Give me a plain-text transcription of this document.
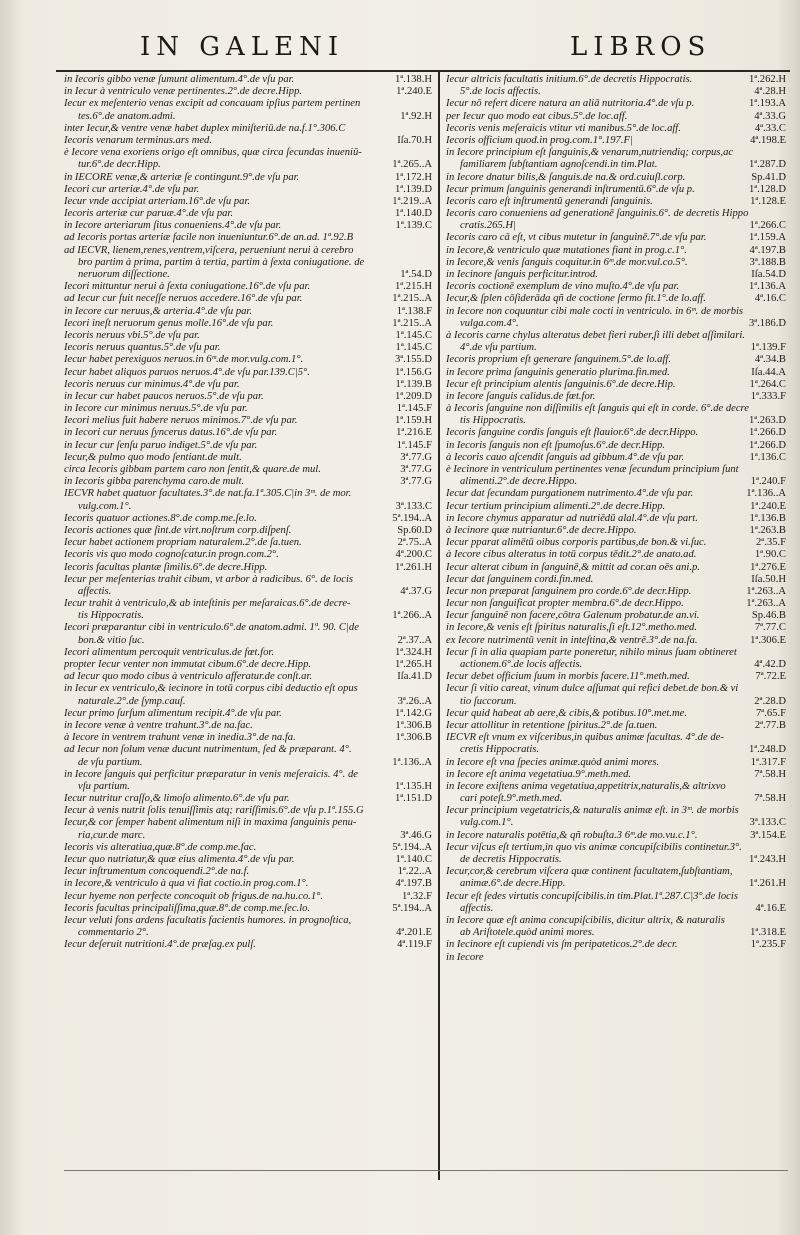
IN GALENI	LIBROS
1ª.138.H
in Iecoris gibbo venæ ſumunt alimentum.4°.de vſu par.
1ª.240.E
in Iecur à ventriculo venæ pertinentes.2°.de decre.Hipp.
Iecur ex meſenterio venas excipit ad concauam ipſius partem pertinen
1ª.92.H
tes.6°.de anatom.admi.
inter Iecur,& ventre venæ habet duplex miniſteriū.de na.f.1°.306.C
Iſa.70.H
Iecoris venarum terminus.ars med.
è Iecore vena exoriens origo eſt omnibus, quæ circa ſecundas inueniū-
1ª.265..A
tur.6°.de decr.Hipp.
1ª.172.H
in IECORE venæ,& arteriæ ſe contingunt.9°.de vſu par.
1ª.139.D
Iecori cur arteriæ.4°.de vſu par.
1ª.219..A
Iecur vnde accipiat arteriam.16°.de vſu par.
1ª.140.D
Iecoris arteriæ cur paruæ.4°.de vſu par.
1ª.139.C
in Iecore arteriarum ſitus conueniens.4°.de vſu par.
ad Iecoris portas arteriæ facile non inueniuntur.6°.de an.ad. 1ª.92.B
ad IECVR, lienem,renes,ventrem,viſcera, perueniunt nerui à cerebro
bro partim à prima, partim à tertia, partim à ſexta coniugatione. de
1ª.54.D
neruorum diſſectione.
1ª.215.H
Iecori mittuntur nerui à ſexta coniugatione.16°.de vſu par.
1ª.215..A
ad Iecur cur fuit neceſſe neruos accedere.16°.de vſu par.
1ª.138.F
in Iecore cur neruus,& arteria.4°.de vſu par.
1ª.215..A
Iecori ineſt neruorum genus molle.16°.de vſu par.
1ª.145.C
Iecoris neruus vbi.5°.de vſu par.
1ª.145.C
Iecoris neruus quantus.5°.de vſu par.
3ª.155.D
Iecur habet perexiguos neruos.in 6ᵐ.de mor.vulg.com.1°.
1ª.156.G
Iecur habet aliquos paruos neruos.4°.de vſu par.139.C|5°.
1ª.139.B
Iecoris neruus cur minimus.4°.de vſu par.
1ª.209.D
in Iecur cur habet paucos neruos.5°.de vſu par.
1ª.145.F
in Iecore cur minimus neruus.5°.de vſu par.
1ª.159.H
Iecori melius fuit habere neruos minimos.7°.de vſu par.
1ª.216.E
in Iecori cur neruus ſyncerus datus.16°.de vſu par.
1ª.145.F
in Iecur cur ſenſu paruo indiget.5°.de vſu par.
3ª.77.G
Iecur,& pulmo quo modo ſentiant.de mult.
3ª.77.G
circa Iecoris gibbam partem caro non ſentit,& quare.de mul.
3ª.77.G
in Iecoris gibba parenchyma caro.de mult.
IECVR habet quatuor facultates.3°.de nat.fa.1ª.305.C|in 3ᵐ. de mor.
3ª.133.C
vulg.com.1°.
5ª.194..A
Iecoris quatuor actiones.8°.de comp.me.ſe.lo.
Sp.60.D
Iecoris actiones quæ ſint.de virt.noſtrum corp.diſpenſ.
2ª.75..A
Iecur habet actionem propriam naturalem.2°.de ſa.tuen.
4ª.200.C
Iecoris vis quo modo cognoſcatur.in progn.com.2°.
1ª.261.H
Iecoris facultas plantæ ſimilis.6°.de decre.Hipp.
Iecur per meſenterias trahit cibum, vt arbor à radicibus. 6°. de locis
4ª.37.G
affectis.
Iecur trahit à ventriculo,& ab inteſtinis per meſaraicas.6°.de decre-
1ª.266..A
tis Hippocratis.
Iecori præparantur cibi in ventriculo.6°.de anatom.admi. 1ª. 90. C|de
2ª.37..A
bon.& vitio ſuc.
1ª.324.H
Iecori alimentum percoquit ventriculus.de fœt.for.
1ª.265.H
propter Iecur venter non immutat cibum.6°.de decre.Hipp.
Iſa.41.D
ad Iecur quo modo cibus à ventriculo afferatur.de conſt.ar.
in Iecur ex ventriculo,& iecinore in totū corpus cibi deductio eſt opus
3ª.26..A
naturale.2°.de ſymp.cauſ.
1ª.142.G
Iecur primo ſurſum alimentum recipit.4°.de vſu par.
1ª.306.B
in Iecore venæ à ventre trahunt.3°.de na.fac.
1ª.306.B
à Iecore in ventrem trahunt venæ in inedia.3°.de na.fa.
ad Iecur non ſolum venæ ducunt nutrimentum, ſed & præparant. 4°.
1ª.136..A
de vſu partium.
in Iecore ſanguis qui perficitur præparatur in venis meſeraicis. 4°. de
1ª.135.H
vſu partium.
1ª.151.D
Iecur nutritur craſſo,& limoſo alimento.6°.de vſu par.
Iecur à venis nutrit ſolis tenuiſſimis atq; rariſſimis.6°.de vſu p.1ª.155.G
Iecur,& cor ſemper habent alimentum niſi in maxima ſanguinis penu-
3ª.46.G
ria,cur.de marc.
5ª.194..A
Iecoris vis alteratiua,quæ.8°.de comp.me.fac.
1ª.140.C
Iecur quo nutriatur,& quæ eius alimenta.4°.de vſu par.
1ª.22..A
Iecur inſtrumentum concoquendi.2°.de na.f.
4ª.197.B
in Iecore,& ventriculo à qua vi fiat coctio.in prog.com.1°.
1ª.32.F
Iecur hyeme non perfecte concoquit ob frigus.de na.hu.co.1°.
5ª.194..A
Iecoris facultas principaliſſima,quæ.8°.de comp.me.ſec.lo.
Iecur veluti fons ardens facultatis facientis humores. in prognoſtica,
4ª.201.E
commentario 2°.
4ª.119.F
Iecur deſeruit nutritioni.4°.de præſag.ex pulſ.
1ª.262.H
Iecur altricis facultatis initium.6°.de decretis Hippocratis.
4ª.28.H
5°.de locis affectis.
1ª.193.A
Iecur nō refert dicere natura an aliā nutritoria.4°.de vſu p.
4ª.33.G
per Iecur quo modo eat cibus.5°.de loc.aff.
4ª.33.C
Iecoris venis meſeraicis vtitur vti manibus.5°.de loc.aff.
4ª.198.E
Iecoris officium quod.in prog.com.1°.197.F|
in Iecore principium eſt ſanguinis,& venarum,nutriendiq; corpus,ac
1ª.287.D
familiarem ſubſtantiam agnoſcendi.in tim.Plat.
Sp.41.D
in Iecore dnatur bilis,& ſanguis.de na.& ord.cuiuſl.corp.
1ª.128.D
Iecur primum ſanguinis generandi inſtrumentū.6°.de vſu p.
1ª.128.E
Iecoris caro eſt inſtrumentū generandi ſanguinis.
Iecoris caro conueniens ad generationē ſanguinis.6°. de decretis Hippo
1ª.266.C
cratis.265.H|
1ª.159.A
Iecoris caro cā eſt, vt cibus mutetur in ſanguinē.7°.de vſu par.
4ª.197.B
in Iecore,& ventriculo quæ mutationes fiant in prog.c.1°.
3ª.188.B
in Iecore,& venis ſanguis coquitur.in 6ᵐ.de mor.vul.co.5°.
Iſa.54.D
in Iecinore ſanguis perficitur.introd.
1ª.136.A
Iecoris coctionē exemplum de vino muſto.4°.de vſu par.
4ª.16.C
Iecur,& ſplen cōſiderāda qñ de coctione ſermo fit.1°.de lo.aff.
in Iecore non coquuntur cibi male cocti in ventriculo. in 6ᵐ. de morbis
3ª.186.D
vulga.com.4°.
à Iecoris carne chylus alteratus debet fieri ruber,ſi illi debet aſſimilari.
1ª.139.F
4°.de vſu partium.
4ª.34.B
Iecoris proprium eſt generare ſanguinem.5°.de lo.aff.
Iſa.44.A
in Iecore prima ſanguinis generatio plurima.fin.med.
1ª.264.C
Iecur eſt principium alentis ſanguinis.6°.de decre.Hip.
1ª.333.F
in Iecore ſanguis calidus.de fœt.for.
à Iecoris ſanguine non diſſimilis eſt ſanguis qui eſt in corde. 6°.de decre
1ª.263.D
tis Hippocratis.
1ª.266.D
Iecoris ſanguine cordis ſanguis eſt flauior.6°.de decr.Hippo.
1ª.266.D
in Iecoris ſanguis non eſt ſpumoſus.6°.de decr.Hipp.
1ª.136.C
à Iecoris cauo aſcendit ſanguis ad gibbum.4°.de vſu par.
è Iecinore in ventriculum pertinentes venæ ſecundum principium ſunt
1ª.240.F
alimenti.2°.de decre.Hippo.
1ª.136..A
Iecur dat ſecundam purgationem nutrimento.4°.de vſu par.
1ª.240.E
Iecur tertium principium alimenti.2°.de decre.Hipp.
1ª.136.B
in Iecore chymus apparatur ad nutriēdū alal.4°.de vſu part.
1ª.263.B
à Iecinore quæ nutriantur.6°.de decre.Hippo.
2ª.35.F
Iecur pparat alimētū oibus corporis partibus,de bon.& vi.ſuc.
1ª.90.C
à Iecore cibus alteratus in totū corpus tēdit.2°.de anato.ad.
1ª.276.E
Iecur alterat cibum in ſanguinē,& mittit ad cor.an oēs ani.p.
Iſa.50.H
Iecur dat ſanguinem cordi.fin.med.
1ª.263..A
Iecur non præparat ſanguinem pro corde.6°.de decr.Hipp.
1ª.263..A
Iecur non ſanguificat propter membra.6°.de decr.Hippo.
Sp.46.B
Iecur ſanguinē non facere,cōtra Galenum probatur.de an.vi.
7ª.77.C
in Iecore,& venis eſt ſpiritus naturalis,ſi eſt.12°.metho.med.
1ª.306.E
ex Iecore nutrimentū venit in inteſtina,& ventrē.3°.de na.fa.
Iecur ſi in alia quapiam parte poneretur, nihilo minus ſuam obtineret
4ª.42.D
actionem.6°.de locis affectis.
7ª.72.E
Iecur debet officium ſuum in morbis facere.11°.meth.med.
Iecur ſi vitio careat, vinum dulce aſſumat qui refici debet.de bon.& vi
2ª.28.D
tio ſuccorum.
7ª.65.F
Iecur quid habeat ab aere,& cibis,& potibus.10°.met.me.
2ª.77.B
Iecur attollitur in retentione ſpiritus.2°.de ſa.tuen.
IECVR eſt vnum ex viſceribus,in quibus animæ facultas. 4°.de de-
1ª.248.D
cretis Hippocratis.
1ª.317.F
in Iecore eſt vna ſpecies animæ.quòd animi mores.
7ª.58.H
in Iecore eſt anima vegetatiua.9°.meth.med.
in Iecore exiſtens anima vegetatiua,appetitrix,naturalis,& altrixvo
7ª.58.H
cari poteſt.9°.meth.med.
Iecur principium vegetatricis,& naturalis animæ eſt. in 3ᵐ. de morbis
3ª.133.C
vulg.com.1°.
3ª.154.E
in Iecore naturalis potētia,& qñ robuſta.3 6ᵐ.de mo.vu.c.1°.
Iecur viſcus eſt tertium,in quo vis animæ concupiſcibilis continetur.3°.
1ª.243.H
de decretis Hippocratis.
Iecur,cor,& cerebrum viſcera quæ continent facultatem,ſubſtantiam,
1ª.261.H
animæ.6°.de decre.Hipp.
Iecur eſt ſedes virtutis concupiſcibilis.in tim.Plat.1ª.287.C|3°.de locis
4ª.16.E
affectis.
in Iecore quæ eſt anima concupiſcibilis, dicitur altrix, & naturalis
1ª.318.E
ab Ariſtotele.quòd animi mores.
1ª.235.F
in Iecinore eſt cupiendi vis ſm peripateticos.2°.de decr.
in Iecore
